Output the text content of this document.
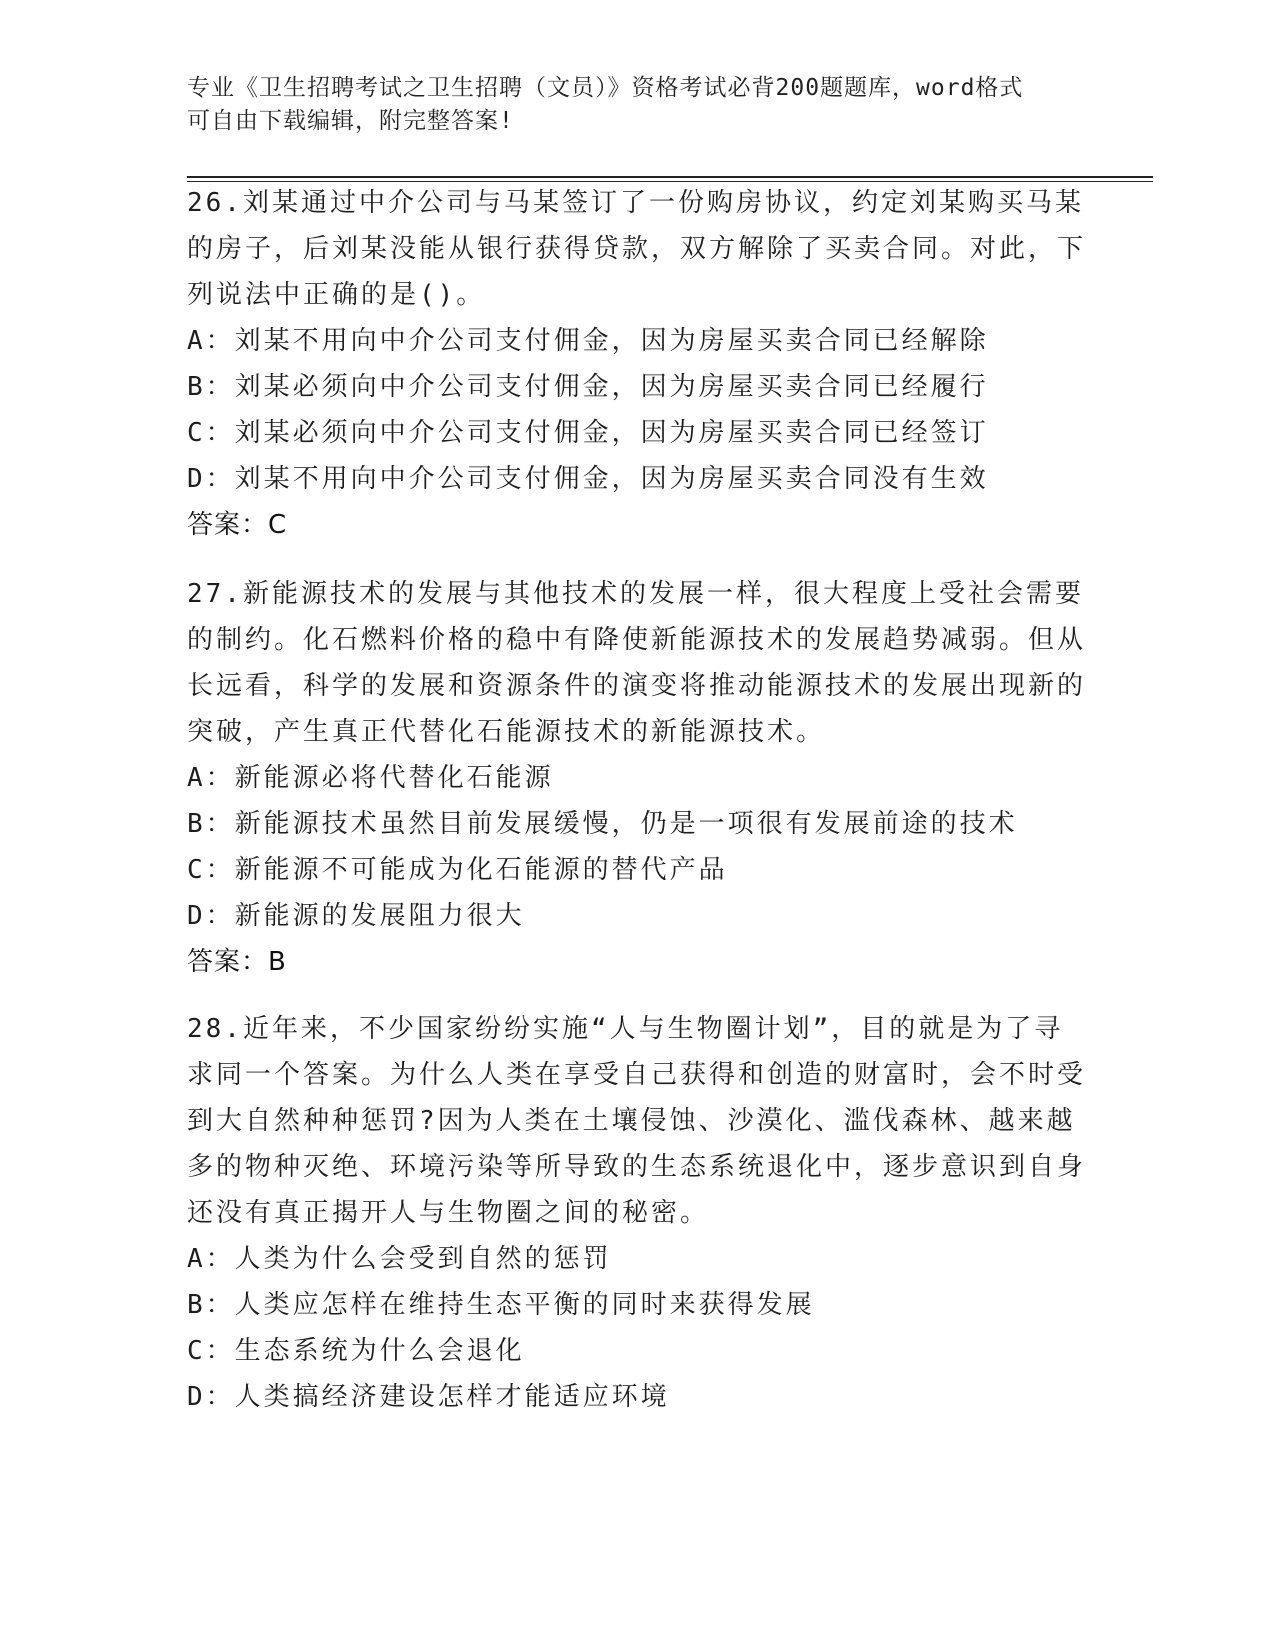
专业《卫生招聘考试之卫生招聘（文员）》资格考试必背200题题库，word格式
可自由下载编辑，附完整答案!

26.刘某通过中介公司与马某签订了一份购房协议，约定刘某购买马某的房子，后刘某没能从银行获得贷款，双方解除了买卖合同。对此，下列说法中正确的是()。

A：刘某不用向中介公司支付佣金，因为房屋买卖合同已经解除

B：刘某必须向中介公司支付佣金，因为房屋买卖合同已经履行

C：刘某必须向中介公司支付佣金，因为房屋买卖合同已经签订

D：刘某不用向中介公司支付佣金，因为房屋买卖合同没有生效

答案：C

27.新能源技术的发展与其他技术的发展一样，很大程度上受社会需要的制约。化石燃料价格的稳中有降使新能源技术的发展趋势减弱。但从长远看，科学的发展和资源条件的演变将推动能源技术的发展出现新的突破，产生真正代替化石能源技术的新能源技术。

A：新能源必将代替化石能源

B：新能源技术虽然目前发展缓慢，仍是一项很有发展前途的技术

C：新能源不可能成为化石能源的替代产品

D：新能源的发展阻力很大

答案：B

28.近年来，不少国家纷纷实施“人与生物圈计划”，目的就是为了寻求同一个答案。为什么人类在享受自己获得和创造的财富时，会不时受到大自然种种惩罚?因为人类在土壤侵蚀、沙漠化、滥伐森林、越来越多的物种灭绝、环境污染等所导致的生态系统退化中，逐步意识到自身还没有真正揭开人与生物圈之间的秘密。

A：人类为什么会受到自然的惩罚

B：人类应怎样在维持生态平衡的同时来获得发展

C：生态系统为什么会退化

D：人类搞经济建设怎样才能适应环境
